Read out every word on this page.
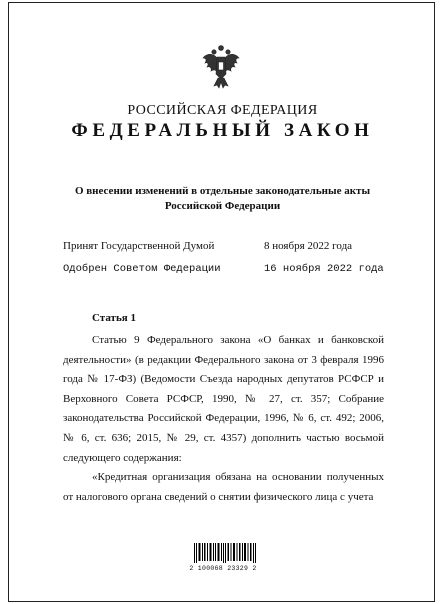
РОССИЙСКАЯ ФЕДЕРАЦИЯ
ФЕДЕРАЛЬНЫЙ ЗАКОН
О внесении изменений в отдельные законодательные акты
Российской Федерации
Принят Государственной Думой	8 ноября 2022 года
Одобрен Советом Федерации	16 ноября 2022 года
Статья 1
Статью 9 Федерального закона «О банках и банковской деятельности» (в редакции Федерального закона от 3 февраля 1996 года № 17-ФЗ) (Ведомости Съезда народных депутатов РСФСР и Верховного Совета РСФСР, 1990, № 27, ст. 357; Собрание законодательства Российской Федерации, 1996, № 6, ст. 492; 2006, № 6, ст. 636; 2015, № 29, ст. 4357) дополнить частью восьмой следующего содержания:
«Кредитная организация обязана на основании полученных от налогового органа сведений о снятии физического лица с учета
2 100068 23329 2
